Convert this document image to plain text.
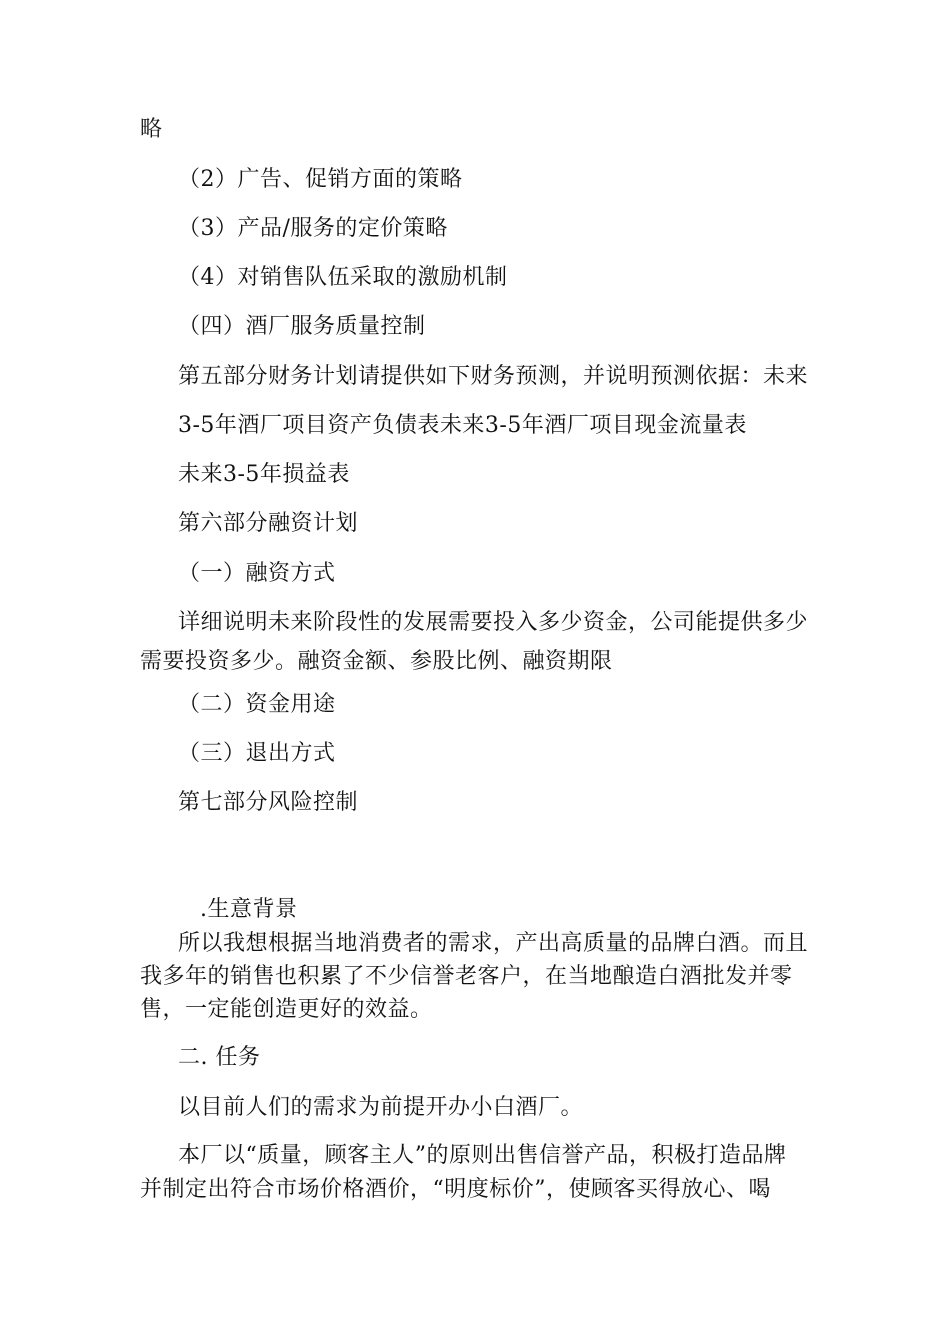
略
（2）广告、促销方面的策略
（3）产品/服务的定价策略
（4）对销售队伍采取的激励机制
（四）酒厂服务质量控制
第五部分财务计划请提供如下财务预测，并说明预测依据：未来
3-5年酒厂项目资产负债表未来3-5年酒厂项目现金流量表
未来3-5年损益表
第六部分融资计划
（一）融资方式
详细说明未来阶段性的发展需要投入多少资金，公司能提供多少
需要投资多少。融资金额、参股比例、融资期限
（二）资金用途
（三）退出方式
第七部分风险控制
.生意背景
所以我想根据当地消费者的需求，产出高质量的品牌白酒。而且
我多年的销售也积累了不少信誉老客户，在当地酿造白酒批发并零
售，一定能创造更好的效益。
二. 任务
以目前人们的需求为前提开办小白酒厂。
本厂以“质量，顾客主人”的原则出售信誉产品，积极打造品牌
并制定出符合市场价格酒价，“明度标价”，使顾客买得放心、喝
